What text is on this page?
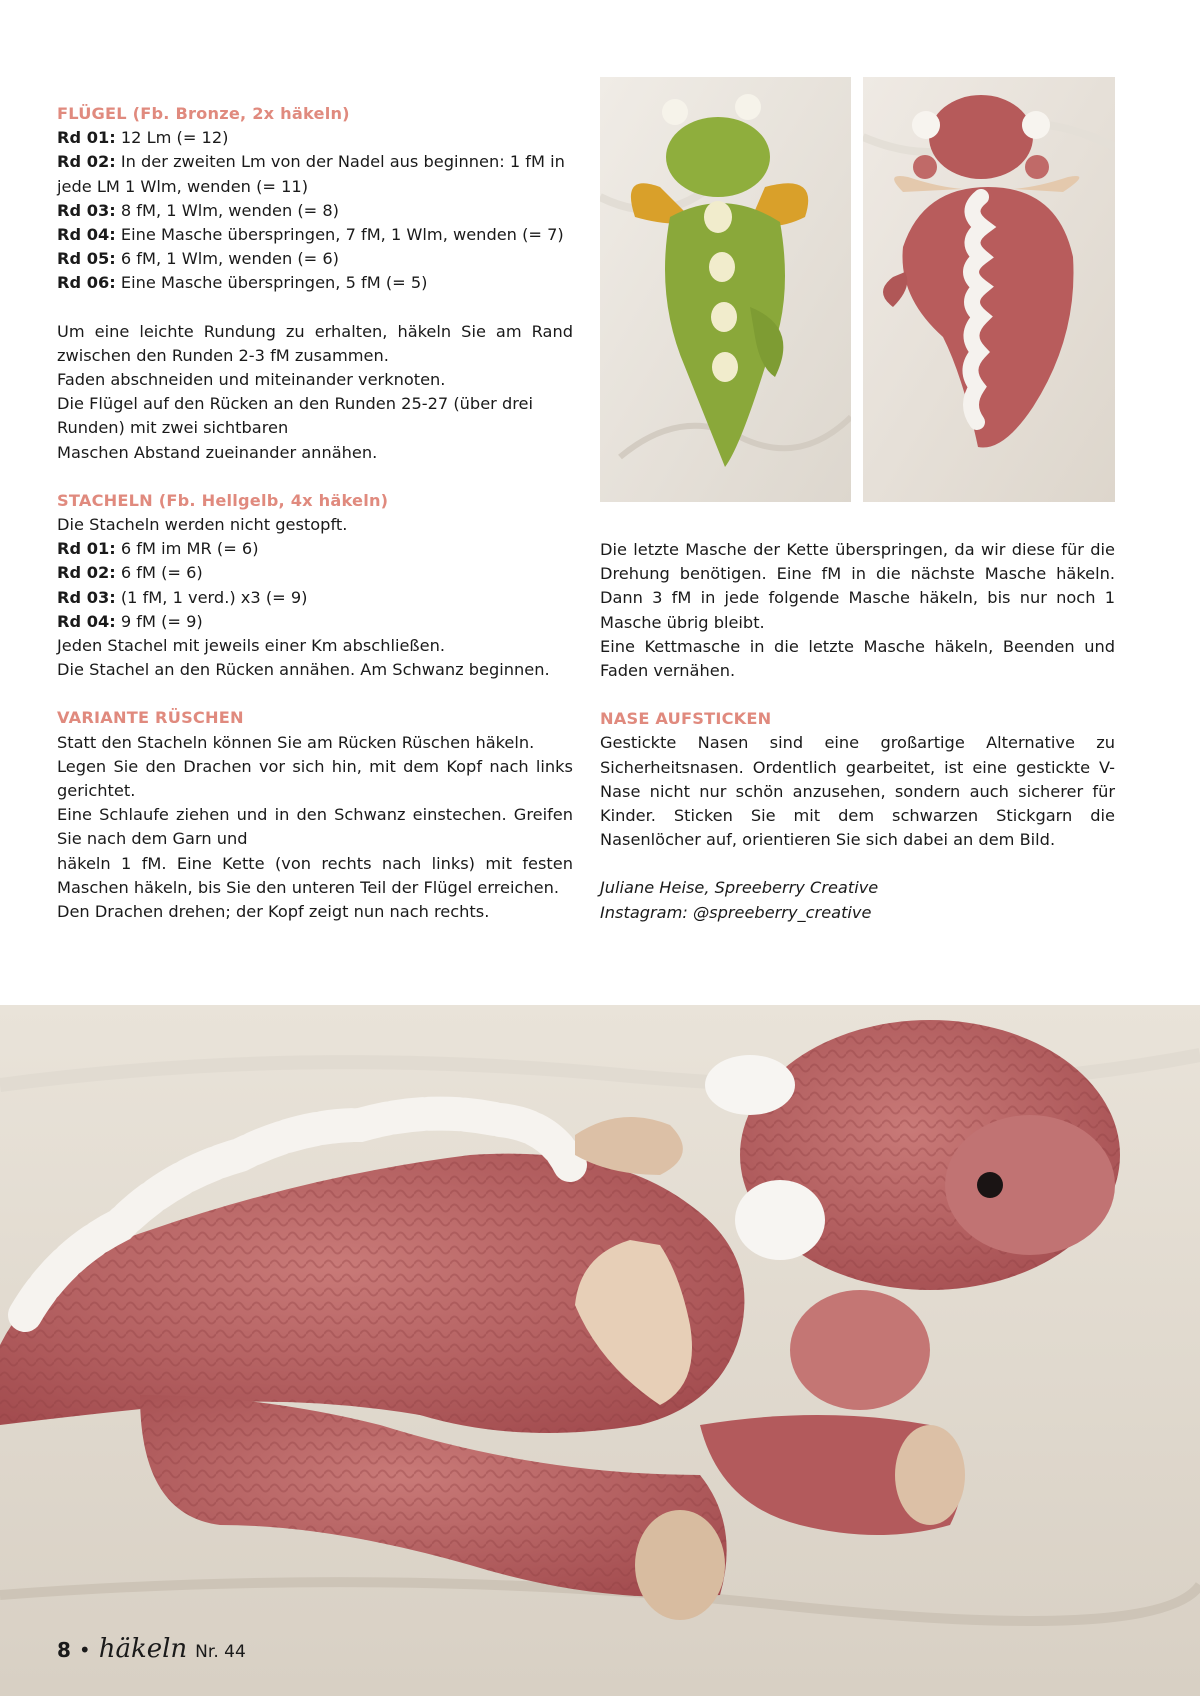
FLÜGEL (Fb. Bronze, 2x häkeln)

Rd 01: 12 Lm (= 12)

Rd 02: In der zweiten Lm von der Nadel aus beginnen: 1 fM in jede LM 1 Wlm, wenden (= 11)

Rd 03: 8 fM, 1 Wlm, wenden (= 8)

Rd 04: Eine Masche überspringen, 7 fM, 1 Wlm, wenden (= 7)

Rd 05: 6 fM, 1 Wlm, wenden (= 6)

Rd 06: Eine Masche überspringen, 5 fM (= 5)

Um eine leichte Rundung zu erhalten, häkeln Sie am Rand zwischen den Runden 2-3 fM zusammen.

Faden abschneiden und miteinander verknoten.

Die Flügel auf den Rücken an den Runden 25-27 (über drei Runden) mit zwei sichtbaren

Maschen Abstand zueinander annähen.

STACHELN (Fb. Hellgelb, 4x häkeln)

Die Stacheln werden nicht gestopft.

Rd 01: 6 fM im MR (= 6)

Rd 02: 6 fM (= 6)

Rd 03: (1 fM, 1 verd.) x3 (= 9)

Rd 04: 9 fM (= 9)

Jeden Stachel mit jeweils einer Km abschließen.

Die Stachel an den Rücken annähen. Am Schwanz beginnen.

VARIANTE RÜSCHEN

Statt den Stacheln können Sie am Rücken Rüschen häkeln.

Legen Sie den Drachen vor sich hin, mit dem Kopf nach links gerichtet.

Eine Schlaufe ziehen und in den Schwanz einstechen. Greifen Sie nach dem Garn und

häkeln 1 fM. Eine Kette (von rechts nach links) mit festen Maschen häkeln, bis Sie den unteren Teil der Flügel erreichen.

Den Drachen drehen; der Kopf zeigt nun nach rechts.

Die letzte Masche der Kette überspringen, da wir diese für die Drehung benötigen. Eine fM in die nächste Masche häkeln. Dann 3 fM in jede folgende Masche häkeln, bis nur noch 1 Masche übrig bleibt.

Eine Kettmasche in die letzte Masche häkeln, Beenden und Faden vernähen.

NASE AUFSTICKEN

Gestickte Nasen sind eine großartige Alternative zu Sicherheitsnasen. Ordentlich gearbeitet, ist eine gestickte V-Nase nicht nur schön anzusehen, sondern auch sicherer für Kinder. Sticken Sie mit dem schwarzen Stickgarn die Nasenlöcher auf, orientieren Sie sich dabei an dem Bild.

Juliane Heise, Spreeberry Creative

Instagram: @spreeberry_creative

8 • häkeln Nr. 44
